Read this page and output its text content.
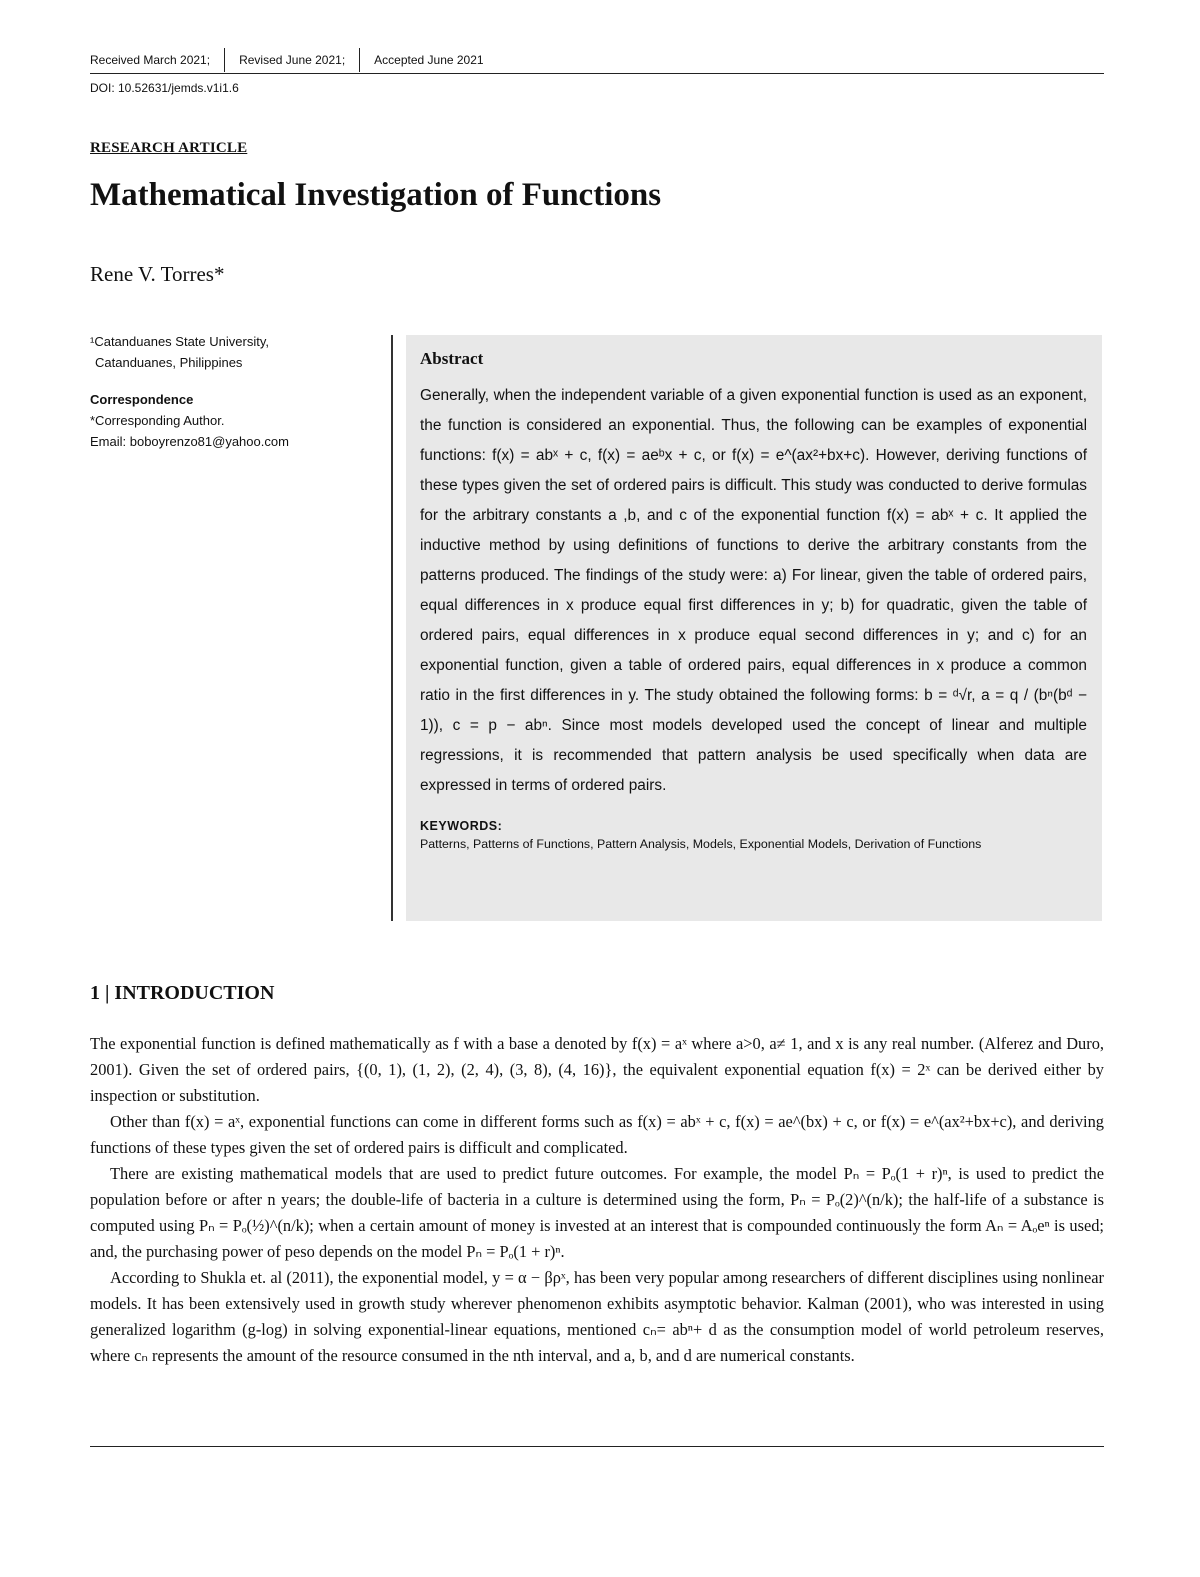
Received March 2021;	Revised June 2021;	Accepted June 2021
DOI: 10.52631/jemds.v1i1.6
RESEARCH ARTICLE
Mathematical Investigation of Functions
Rene V. Torres*
¹Catanduanes State University,
Catanduanes, Philippines
Correspondence
*Corresponding Author.
Email: boboyrenzo81@yahoo.com
Abstract

Generally, when the independent variable of a given exponential function is used as an exponent, the function is considered an exponential. Thus, the following can be examples of exponential functions: f(x) = abˣ + c, f(x) = aeᵇx + c, or f(x) = e^(ax²+bx+c). However, deriving functions of these types given the set of ordered pairs is difficult. This study was conducted to derive formulas for the arbitrary constants a ,b, and c of the exponential function f(x) = abˣ + c. It applied the inductive method by using definitions of functions to derive the arbitrary constants from the patterns produced. The findings of the study were: a) For linear, given the table of ordered pairs, equal differences in x produce equal first differences in y; b) for quadratic, given the table of ordered pairs, equal differences in x produce equal second differences in y; and c) for an exponential function, given a table of ordered pairs, equal differences in x produce a common ratio in the first differences in y. The study obtained the following forms: b = ᵈ√r, a = q / (bⁿ(bᵈ − 1)), c = p − abⁿ. Since most models developed used the concept of linear and multiple regressions, it is recommended that pattern analysis be used specifically when data are expressed in terms of ordered pairs.

KEYWORDS:
Patterns, Patterns of Functions, Pattern Analysis, Models, Exponential Models, Derivation of Functions
1 | INTRODUCTION

The exponential function is defined mathematically as f with a base a denoted by f(x) = aˣ where a>0, a≠ 1, and x is any real number. (Alferez and Duro, 2001). Given the set of ordered pairs, {(0, 1), (1, 2), (2, 4), (3, 8), (4, 16)}, the equivalent exponential equation f(x) = 2ˣ can be derived either by inspection or substitution.

Other than f(x) = aˣ, exponential functions can come in different forms such as f(x) = abˣ + c, f(x) = ae^(bx) + c, or f(x) = e^(ax²+bx+c), and deriving functions of these types given the set of ordered pairs is difficult and complicated.

There are existing mathematical models that are used to predict future outcomes. For example, the model Pₙ = Pₒ(1 + r)ⁿ, is used to predict the population before or after n years; the double-life of bacteria in a culture is determined using the form, Pₙ = Pₒ(2)^(n/k); the half-life of a substance is computed using Pₙ = Pₒ(½)^(n/k); when a certain amount of money is invested at an interest that is compounded continuously the form Aₙ = Aₒeⁿ is used; and, the purchasing power of peso depends on the model Pₙ = Pₒ(1 + r)ⁿ.

According to Shukla et. al (2011), the exponential model, y = α − βρˣ, has been very popular among researchers of different disciplines using nonlinear models. It has been extensively used in growth study wherever phenomenon exhibits asymptotic behavior. Kalman (2001), who was interested in using generalized logarithm (g-log) in solving exponential-linear equations, mentioned cₙ= abⁿ+ d as the consumption model of world petroleum reserves, where cₙ represents the amount of the resource consumed in the nth interval, and a, b, and d are numerical constants.
